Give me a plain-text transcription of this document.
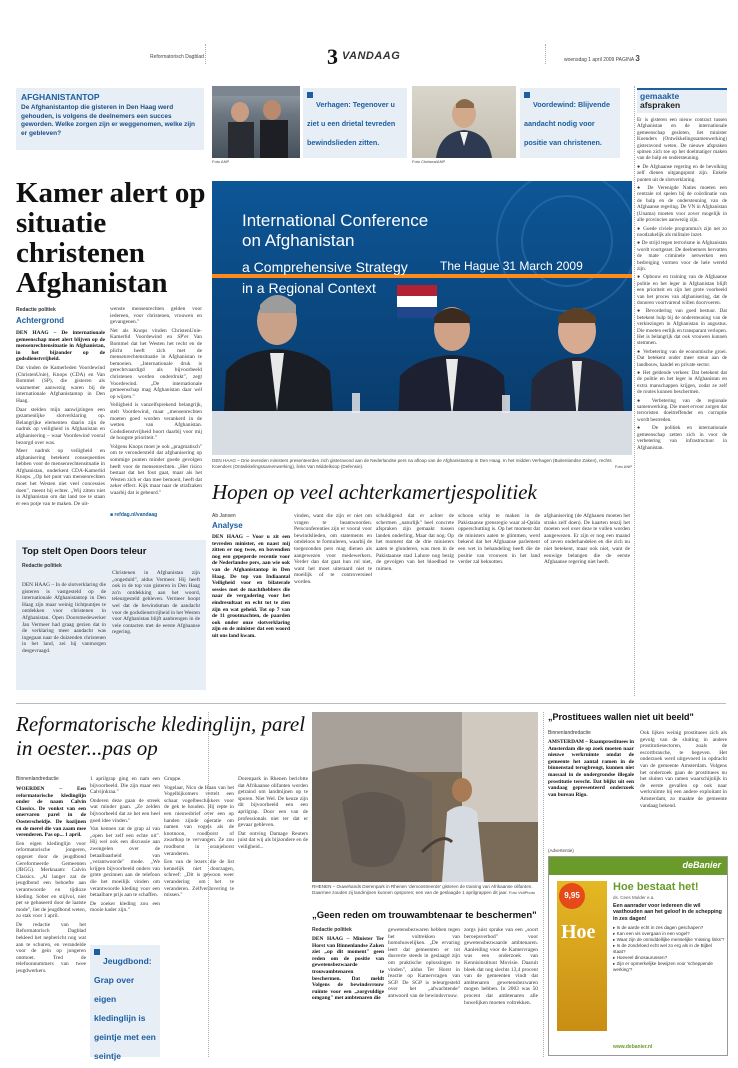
Reformatorisch Dagblad	3 VANDAAG	woensdag 1 april 2009 PAGINA 3
AFGHANISTANTOP
De Afghanistantop die gisteren in Den Haag werd gehouden, is volgens de deelnemers een succes geworden. Welke zorgen zijn er weggenomen, welke zijn er gebleven?
Foto ANP
Verhagen: Tegenover u ziet u een drietal tevreden bewindslieden zitten.
Foto Chelsea/ANP
Voordewind: Blijvende aandacht nodig voor positie van christenen.
gemaakte
afspraken

Er is gisteren een nieuw contract tussen Afghanistan en de internationale gemeenschap gesloten, liet minister Koenders (Ontwikkelingssamenwerking) gisteravond weten. De nieuwe afspraken spitsen zich toe op het doelmatiger maken van de hulp en ondersteuning.

● De Afghaanse regering en de bevolking zelf dienen uitgangspunt zijn. Enkele punten uit de slotverklaring.

● De Verenigde Naties moeten een centrale rol spelen bij de coördinatie van de hulp en de ondersteuning van de Afghaanse regering. De VN in Afghanistan (Unama) moeten voor zover mogelijk in alle provincies aanwezig zijn.

● Goede civiele programma's zijn net zo noodzakelijk als militaire inzet.

● De strijd tegen terrorisme in Afghanistan wordt voortgezet. De deelnemers hervatten de mate criminele netwerken een bedreiging vormen voor de hele wereld zijn.

● Opbouw en training van de Afghaanse politie en het leger in Afghanistan blijft een prioriteit en zijn het grote voorbeeld van het proces van afghanisering, dat de donoren voortvarend willen doorvoeren.

● Bevordering van goed bestuur. Dat betekent hulp bij de ondersteuning van de verkiezingen in Afghanistan in augustus. Die moeten eerlijk en transparant verlopen. Het is belangrijk dat ook vrouwen kunnen stemmen.

● Verbetering van de economische groei. Dat betekent onder meer steun aan de landbouw, handel en private sector.

● Het geldende verkeer. Dat betekent dat de politie en het leger in Afghanistan en extra manschappen krijgen, zodat ze zelf de routes kunnen beschermen.

● Verbetering van de regionale samenwerking. Die moet ervoor zorgen dat terroristen doeltreffender en corruptie wordt bestreden.

● De politiek en internationale gemeenschap zetten zich in voor de verbetering van infrastructuur in Afghanistan.

Kamer alert op situatie christenen Afghanistan
Redactie politiek
Achtergrond

DEN HAAG – De internationale gemeenschap moet alert blijven op de mensenrechtensituatie in Afghanistan, in het bijzonder op de godsdienstvrijheid.

Dat vinden de Kamerleden Voordewind (ChristenUnie), Knops (CDA) en Van Bommel (SP), die gisteren als waarnemer aanwezig waren bij de internationale Afghanistantop in Den Haag.

Daar stelden mijn aanwijzingen een gezamenlijke slotverklaring op. Belangrijke elementen daarin zijn de nadruk op veiligheid in Afghanistan en afghanisering – waar Voordewind vooral bezorgd over was.

Meer nadruk op veiligheid en afghanisering betekent consequenties hebben voor de mensenrechtensituatie in Afghanistan, onderkent CDA-Kamerlid Knops. „Op het punt van mensenrechten moet het Westen niet veel concessies doen", meent hij echter. „Wij zitten niet in Afghanistan om dat land toe te staan er een potje van te maken. De uit-

wenste mensenrechten gelden voor iedereen, voor christenen, vrouwen en gevangenen."

Net als Knops vinden ChristenUnie-Kamerlid Voordewind en SP'er Van Bommel dat het Westen het recht en de plicht heeft zich met de mensenrechtensituatie in Afghanistan te bemoeien. „Internationale druk is gerechtvaardigd als bijvoorbeeld christenen worden onderdrukt", zegt Voordewind. „De internationale gemeenschap mag Afghanistan daar wél op wijzen."

Veiligheid is vanzelfsprekend belangrijk, stelt Voordewind, maar „mensenrechten moeten goed worden verankerd in de wetten van Afghanistan. Godsdienstvrijheid hoort daarbij voor mij de hoogste prioriteit."

Volgens Knops moet je ook „pragmatisch" om te verondersteld dat afghanisering op sommige punten minder goede gevolgen heeft voor de mensenrechten. „Het risico bestaat dat het fout gaat, maar als het Westen zich er dan mee bemoeit, heeft dat zeker effect. Kijk maar naar de strafzaken waarbij dat is gebeurd."

■ refdag.nl/vandaag
International Conference
on Afghanistan
a Comprehensive Strategy
in a Regional Context
The Hague 31 March 2009
DEN HAAG – Drie tevreden ministers presenteerden zich gisteravond aan de Nederlandse pers na afloop van de Afghanistantop in Den Haag. In het midden Verhagen (Buitenlandse Zaken), rechts Koenders (Ontwikkelingssamenwerking), links Van Middelkoop (Defensie).	Foto ANP
Hopen op veel achterkamertjespolitiek
Ab Jansen
Analyse

DEN HAAG – Voor u zit een tevreden minister, en naast mij zitten er nog twee, en bovendien nog een gepeperde recentie voor de Nederlandse pers, aan wie ook van de Afghanistantop in Den Haag. De top van Indiaantal Veiligheid voor en bilaterale sessies met de machthebbers die naar de vergadering voor het eindresultaat en echt tot te zien zijn en wat geheid. Tot op 7 van de 11 grootmachten, de paarden ook onder onze slotverklaring zijn en de minister dat een woord uit ons land kwam.

vinden, want die zijn er niet om vragen te beantwoorden. Persconferenties zijn er vooral voor bewindslieden, om statements en omdeloos te formuleren, waarbij de toegezonden pers mag dienen als aangewezen voor medewerkers. Verder dan dat gaat hun rol niet, want het moet uiteraard niet te moeilijk of te controversieel worden.

schuldigend dat er achter de schermen „naturlijk" heel concrete afspraken zijn gemaakt tussen landen onderling. Maar dat nog. Op het moment dat de drie ministers aaten te glunderen, was men in de Pakistaanse stad Lahore nog bezig de gevolgen van het bloedbad te ruimen.

schoon schip te maken in de Pakistaanse grensregio waar al-Qaida opperschutting is. Op het moment dat de ministers aaten te glimmen, werd bekend dat het Afghaanse parlement een wet in behandeling heeft die de positie van vrouwen in het land verder zal beknotten.

afghanisering (de Afghanen moeten het straks zelf doen). De kaarten tenzij het moeten wel over deze te vullen worden aangewezen. Er zijn er nog een maand of zeven onderhandelen en die zich nu niet betekent, maar ook niet, want de eeuwige belangen die de eerste Afghaanse regering niet heeft.

Top stelt Open Doors teleur
Redactie politiek
DEN HAAG – In de slotverklaring die gisteren is vastgesteld op de internationale Afghanistantop in Den Haag zijn maar weinig lichtpuntjes te ontdekken voor christenen in Afghanistan. Open Doorsmedewerker Jan Vermeer had graag gezien dat in de verklaring meer aandacht was ingegaan naar de duizenden christenen in het land, zei hij vanmorgen desgevraagd.
Christenen in Afghanistan zijn „ongeduld", aldus Vermeer. Hij heeft ook in de top van gisteren in Den Haag zo'n ontdekking aan het woord, teleurgesteld gebleven. Vermeer hoopt wel dat de bewindsman de aandacht voor de godsdienstvrijheid in het Westen voor Afghanistan blijft aanbrengen in de vele contacten met de eerste Afghaanse regering.
Reformatorische kledinglijn, parel in oester...pas op
Binnenlandredactie

WOERDEN – Een reformatorische kledinglijn onder de naam Calvin Classics. De vonkst van een onervaren parel in de Oosterscheldje. De kozijnen en de merel die van zaam mee verenderen. Pas op... 1 april.

Een eigen kledinglijn voor reformatorische jongeren, opgezet door de jeugdbond Gereformeerde Gemeenten (JBGG). Merknaam: Calvin Classics. „Al langer zat de jeugdbond een behoefte aan verantwoorde en tijdloze kleding. Sober en stijlvol, niet per se gebaseerd door de laatste mode", liet de jeugdbond weten, zo stak voor 1 april.

De redactie van het Reformatorisch Dagblad bekleed het nepbericht nog wat aan te schuren, en verandelde voor de gein op jongeren ontmoet. Tred de telefoonnummers van twee jeugdwerkers.

1 aprilgrap ging en nam een bijvoorbeeld. Die zijn maar een Calvijnkraa."

Onderen deze gaan de streek wat minder gaan. „Ze zelden bijvoorbeeld dat ze het een heel goed idee vinden."

Van kennen zat de grap al van „open het zelf een echte uit". Hij wel ook een discussie aan zwengelen over de betaalbaarheid van „verantwoorde" mode. „We krijgen bijvoorbeeld onders van grote gezinnen aan de telefoon die het moeilijk vinden om verantwoorde kleding voor een betaalbare prijs aan te schaffen.

De zoeker kleding zou een mooie kader zijn."

Jeugdbond: Grap over eigen kledinglijn is geintje met een seintje

Gruppe.

Vogelaar, Nico de Haan van het Vogelbijkomers vertelt een schaar vogelbeschikkers voor de gek te houden. Hij repte in een nieuwsbrief over een op handen zijnde operatie om namen van vogels als de knotnoon, roodborst of zwartkop te vervangen. Ze zou roodborst in oranjeborst veranderen.

Een van de lezers die de list kennelijk niet doorzagen, schreef: „Dit is gewoon weer verandering om het te veranderen. Zelfverdovering te missen."

Dorenpark in Rhenen berichtte dat Afrikaanse olifanten worden getraind om landmijnen op te sporen. Niet Wel. De keuze zijn dit bijvoorbeeld een een aprilgrap. Door een van de professionals niet ter dat er gevaar gebleven.

Dat ontving Damage Reuters juist dat wij als bijzondere en de veiligheid...

RHENEN – Ouwehands Dierenpark in Rhenen 'demonstreerde' gisteren de training van Afrikaanse olifanten. Daarmee zouden zij landmijnen kunnen opsporen; een van de geslaagde 1 aprilgrappen dit jaar. Foto VidiPhoto
„Geen reden om trouwambtenaar te beschermen"
Redactie politiek
DEN HAAG – Minister Ter Horst van Binnenlandse Zaken ziet „op dit moment" geen reden om de positie van gewetensbezwaarde trouwambtenaren te beschermen. Dat meldt Volgens de bewindsvrouw ruimte voor een „zorgvuldige omgang" met ambtenaren die
gewetensbezwaren hebben tegen het voltrekken van homohuwelijken. „De ervaring leert dat gemeenten er tot dusverre steeds in geslaagd zijn om praktische oplossingen te vinden", aldus Ter Horst in reactie op Kamervragen van SGP. De SGP is teleurgesteld over het „afwachtende" antwoord van de bewindsvrouw.
zorgs juist sprake van een „soort beroepsverbod" voor gewetensbezwaarde ambtenaren. Aanleiding voor de Kamervragen was een onderzoek van Kennisinstituut Movisie. Daaruit bleek dat nog slechts 13,4 procent van de gemeenten vindt dat ambtenaren gewetensbezwaren mogen hebben. In 2003 was 50 procent dat ambtenaren alle huwelijken moeten voltrekken.
„Prostituees wallen niet uit beeld"
Binnenlandredactie
AMSTERDAM – Raamprostituees in Amsterdam die op zoek moeten naar nieuwe werkruimte omdat de gemeente het aantal ramen in de binnenstad terugbrengt, kunnen niet massaal in de ondergrondse illegale prostitutie terecht. Dat blijkt uit een vandaag gepresenteerd onderzoek van bureau Rigo.
Ook lijken weinig prostituees zich als gevolg van de sluiting in andere prostitutiesectoren, zoals de escortbranche, te begeven. Het onderzoek werd uitgevoerd in opdracht van de gemeente Amsterdam. Volgens het onderzoek gaan de prostituees nu het sluiten van ramen waarschijnlijk in de eerste gevallen op ook naar werkruimte bij een andere exploitant in Amsterdam, zo maakte de gemeente vandaag bekend.
(Advertentie)
deBanier
9,95
Hoe
Hoe bestaat het!
ds. Cees Mulder e.a.
Een aanrader voor iedereen die wil vasthouden aan het geloof in de schepping in zes dagen!
▸ Is de aarde echt in zes dagen geschapen?
▸ Kan een vis overgaan in een vogel?
▸ Waar zijn de onmiddellijke menselijke 'missing links'?
▸ Is de zondvloed echt wel zo erg als in de Bijbel staat?
▸ Hoeveel dinosaurussen?
▸ Zijn er opmerkelijke bewijzen voor 'scheppende werking'?
www.debanier.nl
